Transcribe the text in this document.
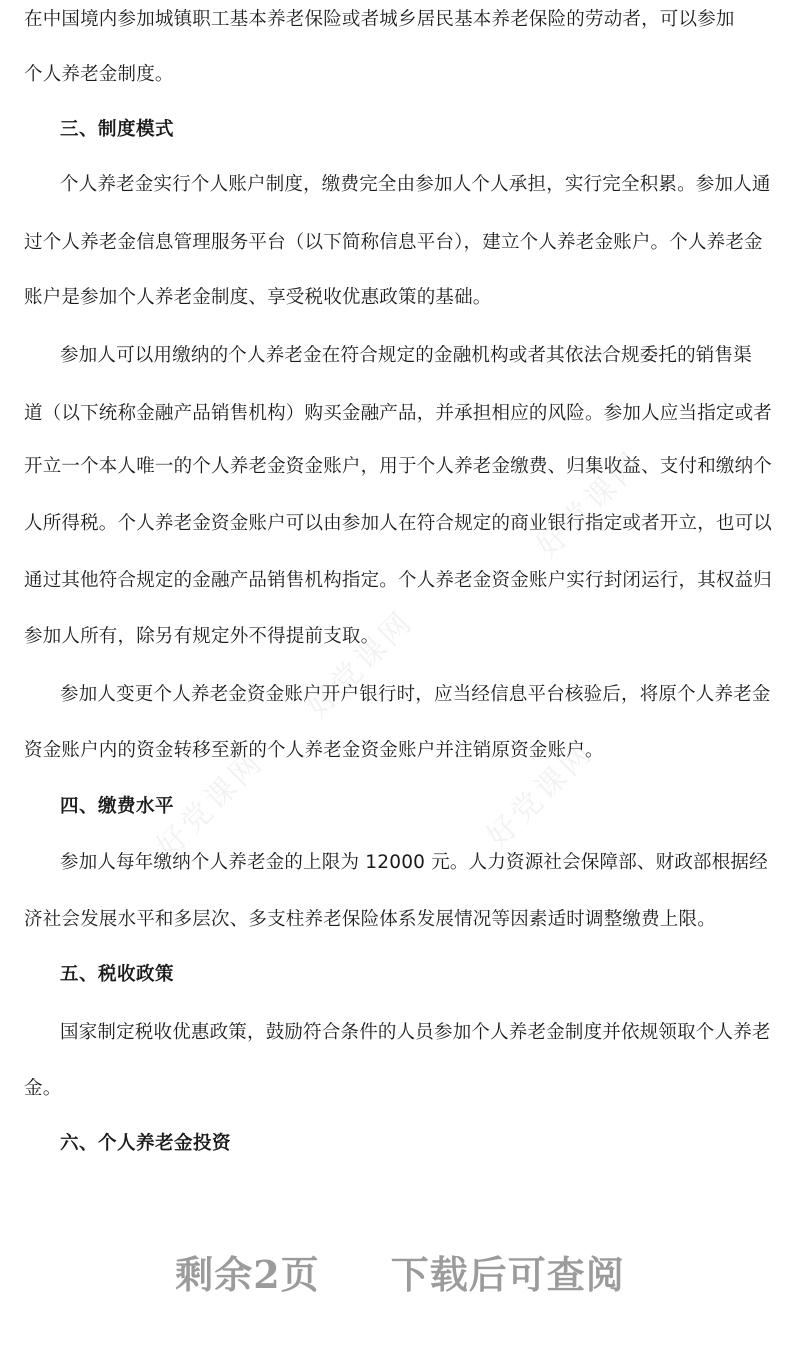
在中国境内参加城镇职工基本养老保险或者城乡居民基本养老保险的劳动者，可以参加
个人养老金制度。
三、制度模式
个人养老金实行个人账户制度，缴费完全由参加人个人承担，实行完全积累。参加人通
过个人养老金信息管理服务平台（以下简称信息平台），建立个人养老金账户。个人养老金
账户是参加个人养老金制度、享受税收优惠政策的基础。
参加人可以用缴纳的个人养老金在符合规定的金融机构或者其依法合规委托的销售渠
道（以下统称金融产品销售机构）购买金融产品，并承担相应的风险。参加人应当指定或者
开立一个本人唯一的个人养老金资金账户，用于个人养老金缴费、归集收益、支付和缴纳个
人所得税。个人养老金资金账户可以由参加人在符合规定的商业银行指定或者开立，也可以
通过其他符合规定的金融产品销售机构指定。个人养老金资金账户实行封闭运行，其权益归
参加人所有，除另有规定外不得提前支取。
参加人变更个人养老金资金账户开户银行时，应当经信息平台核验后，将原个人养老金
资金账户内的资金转移至新的个人养老金资金账户并注销原资金账户。
四、缴费水平
参加人每年缴纳个人养老金的上限为 12000 元。人力资源社会保障部、财政部根据经
济社会发展水平和多层次、多支柱养老保险体系发展情况等因素适时调整缴费上限。
五、税收政策
国家制定税收优惠政策，鼓励符合条件的人员参加个人养老金制度并依规领取个人养老
金。
六、个人养老金投资
好党课网
好党课网
好党课网	好党课网
剩余2页 下载后可查阅
